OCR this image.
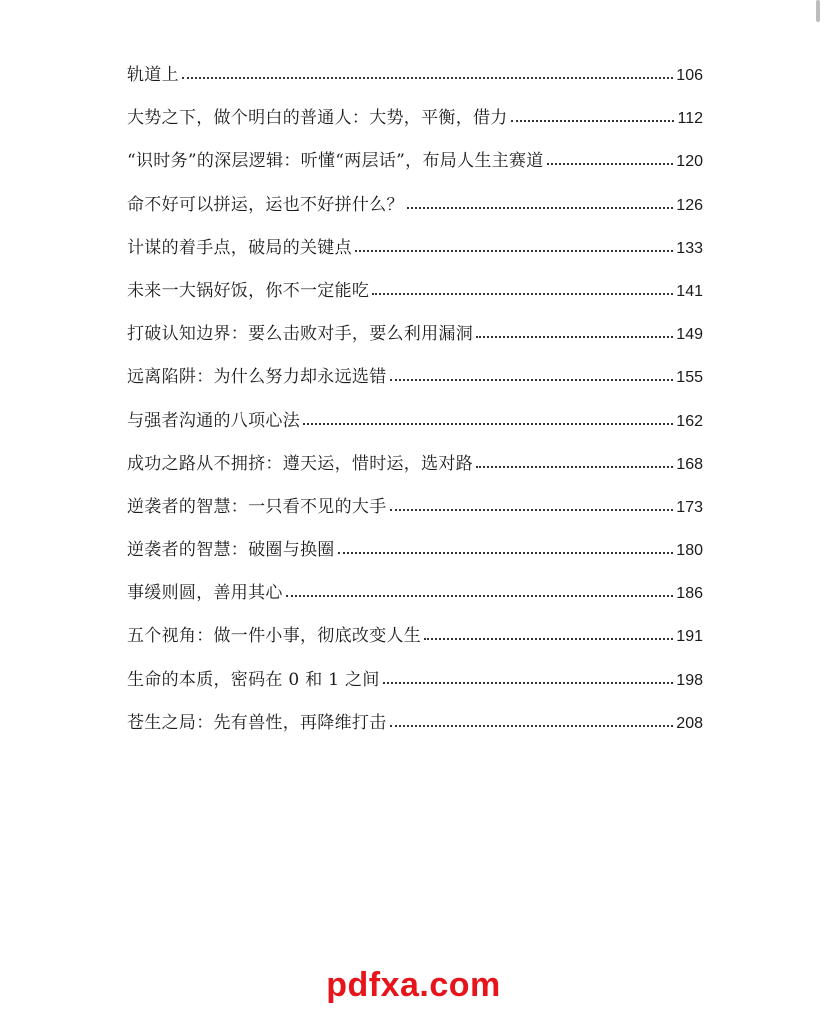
轨道上	106
大势之下，做个明白的普通人：大势，平衡，借力	112
“识时务”的深层逻辑：听懂“两层话”，布局人生主赛道	120
命不好可以拼运，运也不好拼什么？	126
计谋的着手点，破局的关键点	133
未来一大锅好饭，你不一定能吃	141
打破认知边界：要么击败对手，要么利用漏洞	149
远离陷阱：为什么努力却永远选错	155
与强者沟通的八项心法	162
成功之路从不拥挤：遵天运，惜时运，选对路	168
逆袭者的智慧：一只看不见的大手	173
逆袭者的智慧：破圈与换圈	180
事缓则圆，善用其心	186
五个视角：做一件小事，彻底改变人生	191
生命的本质，密码在 0 和 1 之间	198
苍生之局：先有兽性，再降维打击	208
pdfxa.com
